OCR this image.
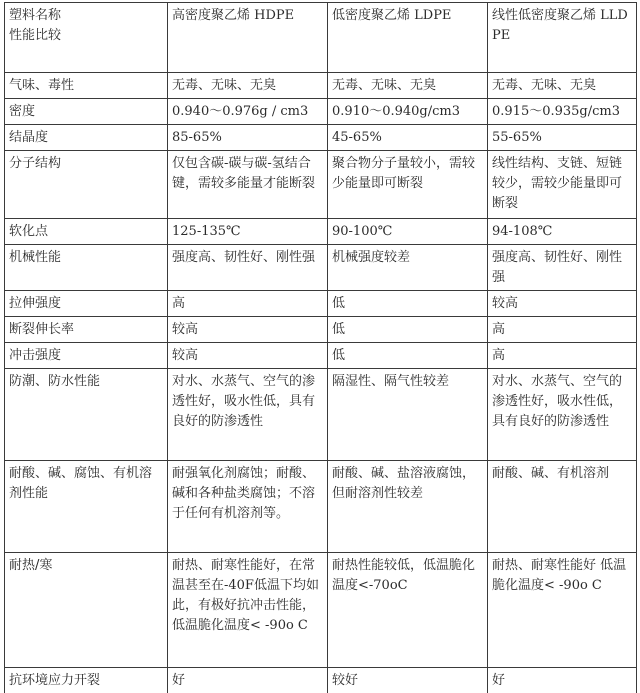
塑料名称
性能比较	高密度聚乙烯 HDPE	低密度聚乙烯 LDPE	线性低密度聚乙烯 LLDPE

气味、毒性	无毒、无味、无臭	无毒、无味、无臭	无毒、无味、无臭
密度	0.940～0.976g / cm3	0.910～0.940g/cm3	0.915～0.935g/cm3
结晶度	85-65%	45-65%	55-65%
分子结构	仅包含碳-碳与碳-氢结合键，需较多能量才能断裂	聚合物分子量较小，需较少能量即可断裂	线性结构、支链、短链较少，需较少能量即可断裂
软化点	125-135℃	90-100℃	94-108℃
机械性能	强度高、韧性好、刚性强	机械强度较差	强度高、韧性好、刚性强
拉伸强度	高	低	较高
断裂伸长率	较高	低	高
冲击强度	较高	低	高
防潮、防水性能	对水、水蒸气、空气的渗透性好，吸水性低，具有良好的防渗透性	隔湿性、隔气性较差	对水、水蒸气、空气的渗透性好，吸水性低，具有良好的防渗透性
耐酸、碱、腐蚀、有机溶剂性能	耐强氧化剂腐蚀；耐酸、碱和各种盐类腐蚀；不溶于任何有机溶剂等。	耐酸、碱、盐溶液腐蚀，但耐溶剂性较差	耐酸、碱、有机溶剂
耐热/寒	耐热、耐寒性能好，在常温甚至在-40F低温下均如此，有极好抗冲击性能，低温脆化温度< -90o C	耐热性能较低，低温脆化温度<-70oC	耐热、耐寒性能好 低温脆化温度< -90o C
抗环境应力开裂	好	较好	好
